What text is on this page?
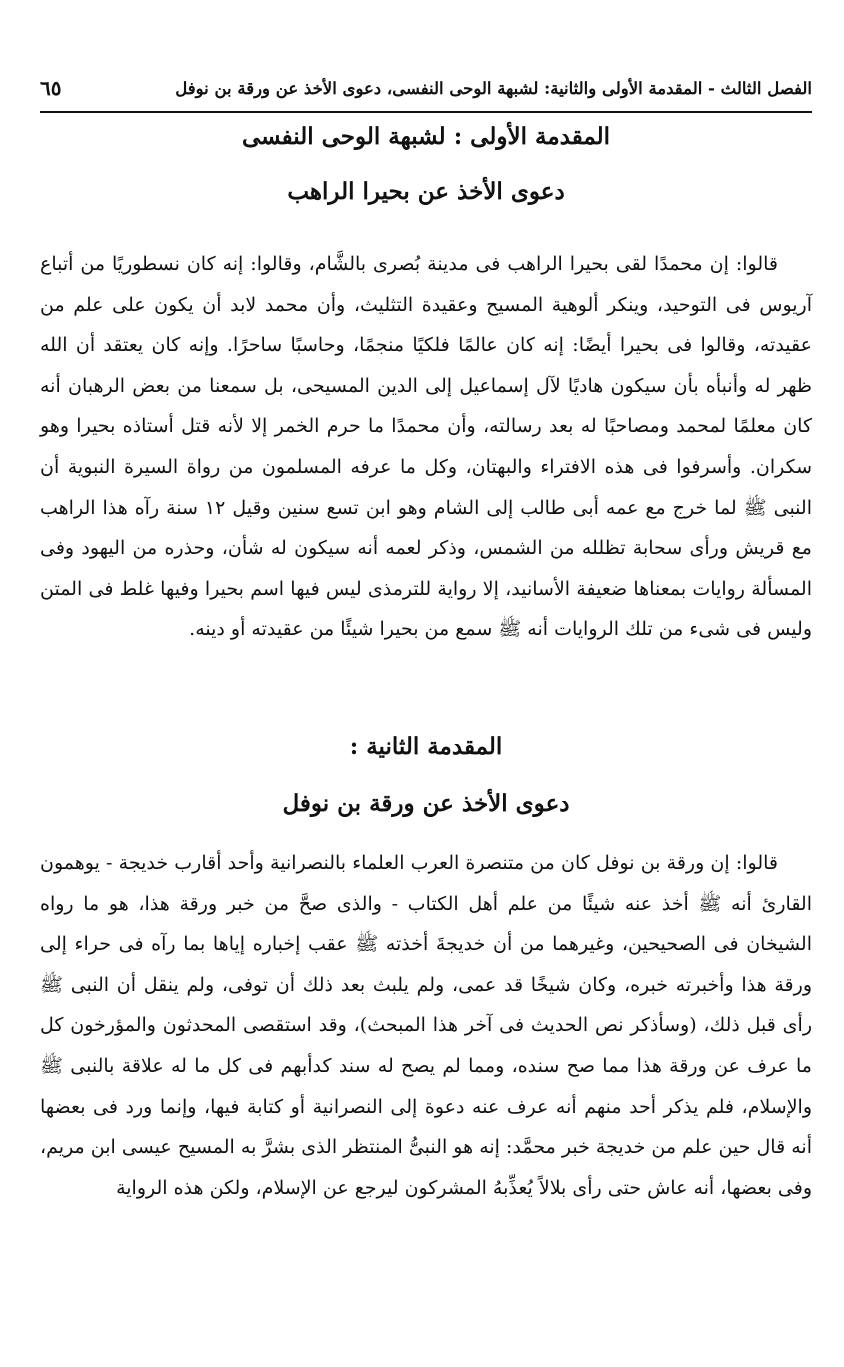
الفصل الثالث - المقدمة الأولى والثانية: لشبهة الوحى النفسى، دعوى الأخذ عن ورقة بن نوفل
٦٥
المقدمة الأولى : لشبهة الوحى النفسى
دعوى الأخذ عن بحيرا الراهب

قالوا: إن محمدًا لقى بحيرا الراهب فى مدينة بُصرى بالشَّام، وقالوا: إنه كان نسطوريًا من أتباع آريوس فى التوحيد، وينكر ألوهية المسيح وعقيدة التثليث، وأن محمد لابد أن يكون على علم من عقيدته، وقالوا فى بحيرا أيضًا: إنه كان عالمًا فلكيًا منجمًا، وحاسبًا ساحرًا. وإنه كان يعتقد أن الله ظهر له وأنبأه بأن سيكون هاديًا لآل إسماعيل إلى الدين المسيحى، بل سمعنا من بعض الرهبان أنه كان معلمًا لمحمد ومصاحبًا له بعد رسالته، وأن محمدًا ما حرم الخمر إلا لأنه قتل أستاذه بحيرا وهو سكران. وأسرفوا فى هذه الافتراء والبهتان، وكل ما عرفه المسلمون من رواة السيرة النبوية أن النبى ﷺ لما خرج مع عمه أبى طالب إلى الشام وهو ابن تسع سنين وقيل ١٢ سنة رآه هذا الراهب مع قريش ورأى سحابة تظلله من الشمس، وذكر لعمه أنه سيكون له شأن، وحذره من اليهود وفى المسألة روايات بمعناها ضعيفة الأسانيد، إلا رواية للترمذى ليس فيها اسم بحيرا وفيها غلط فى المتن وليس فى شىء من تلك الروايات أنه ﷺ سمع من بحيرا شيئًا من عقيدته أو دينه.

المقدمة الثانية :
دعوى الأخذ عن ورقة بن نوفل

قالوا: إن ورقة بن نوفل كان من متنصرة العرب العلماء بالنصرانية وأحد أقارب خديجة - يوهمون القارئ أنه ﷺ أخذ عنه شيئًا من علم أهل الكتاب - والذى صحَّ من خبر ورقة هذا، هو ما رواه الشيخان فى الصحيحين، وغيرهما من أن خديجةَ أخذته ﷺ عقب إخباره إياها بما رآه فى حراء إلى ورقة هذا وأخبرته خبره، وكان شيخًا قد عمى، ولم يلبث بعد ذلك أن توفى، ولم ينقل أن النبى ﷺ رأى قبل ذلك، (وسأذكر نص الحديث فى آخر هذا المبحث)، وقد استقصى المحدثون والمؤرخون كل ما عرف عن ورقة هذا مما صح سنده، ومما لم يصح له سند كدأبهم فى كل ما له علاقة بالنبى ﷺ والإسلام، فلم يذكر أحد منهم أنه عرف عنه دعوة إلى النصرانية أو كتابة فيها، وإنما ورد فى بعضها أنه قال حين علم من خديجة خبر محمَّد: إنه هو النبىُّ المنتظر الذى بشرَّ به المسيح عيسى ابن مريم، وفى بعضها، أنه عاش حتى رأى بلالاً يُعذِّبهُ المشركون ليرجع عن الإسلام، ولكن هذه الرواية
